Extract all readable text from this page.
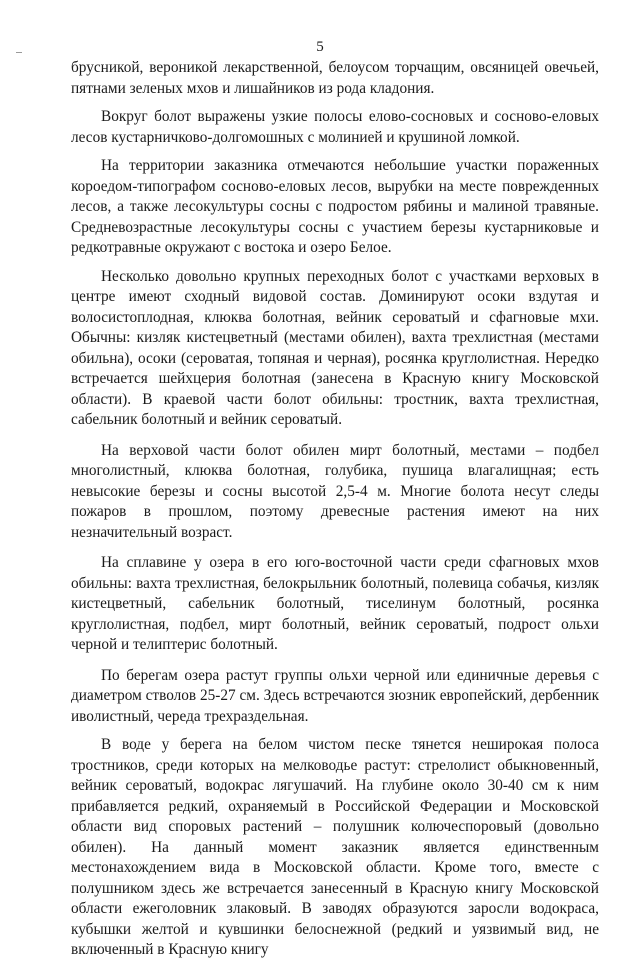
5

брусникой, вероникой лекарственной, белоусом торчащим, овсяницей овечьей, пятнами зеленых мхов и лишайников из рода кладония.

Вокруг болот выражены узкие полосы елово-сосновых и сосново-еловых лесов кустарничково-долгомошных с молинией и крушиной ломкой.

На территории заказника отмечаются небольшие участки пораженных короедом-типографом сосново-еловых лесов, вырубки на месте поврежденных лесов, а также лесокультуры сосны с подростом рябины и малиной травяные. Средневозрастные лесокультуры сосны с участием березы кустарниковые и редкотравные окружают с востока и озеро Белое.

Несколько довольно крупных переходных болот с участками верховых в центре имеют сходный видовой состав. Доминируют осоки вздутая и волосистоплодная, клюква болотная, вейник сероватый и сфагновые мхи. Обычны: кизляк кистецветный (местами обилен), вахта трехлистная (местами обильна), осоки (сероватая, топяная и черная), росянка круглолистная. Нередко встречается шейхцерия болотная (занесена в Красную книгу Московской области). В краевой части болот обильны: тростник, вахта трехлистная, сабельник болотный и вейник сероватый.

На верховой части болот обилен мирт болотный, местами – подбел многолистный, клюква болотная, голубика, пушица влагалищная; есть невысокие березы и сосны высотой 2,5-4 м. Многие болота несут следы пожаров в прошлом, поэтому древесные растения имеют на них незначительный возраст.

На сплавине у озера в его юго-восточной части среди сфагновых мхов обильны: вахта трехлистная, белокрыльник болотный, полевица собачья, кизляк кистецветный, сабельник болотный, тиселинум болотный, росянка круглолистная, подбел, мирт болотный, вейник сероватый, подрост ольхи черной и телиптерис болотный.

По берегам озера растут группы ольхи черной или единичные деревья с диаметром стволов 25-27 см. Здесь встречаются зюзник европейский, дербенник иволистный, череда трехраздельная.

В воде у берега на белом чистом песке тянется неширокая полоса тростников, среди которых на мелководье растут: стрелолист обыкновенный, вейник сероватый, водокрас лягушачий. На глубине около 30-40 см к ним прибавляется редкий, охраняемый в Российской Федерации и Московской области вид споровых растений – полушник колючеспоровый (довольно обилен). На данный момент заказник является единственным местонахождением вида в Московской области. Кроме того, вместе с полушником здесь же встречается занесенный в Красную книгу Московской области ежеголовник злаковый. В заводях образуются заросли водокраса, кубышки желтой и кувшинки белоснежной (редкий и уязвимый вид, не включенный в Красную книгу
